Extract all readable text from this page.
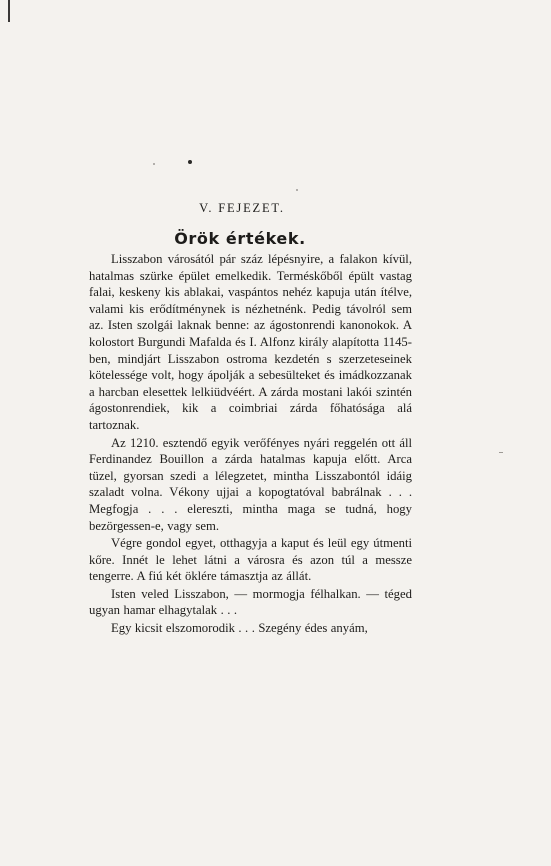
V. FEJEZET.
Örök értékek.

Lisszabon városától pár száz lépésnyire, a falakon kívül, hatalmas szürke épület emelkedik. Terméskőből épült vastag falai, keskeny kis ablakai, vaspántos nehéz kapuja után ítélve, valami kis erődítménynek is nézhetnénk. Pedig távolról sem az. Isten szolgái laknak benne: az ágostonrendi kanonokok. A kolostort Burgundi Mafalda és I. Alfonz király alapította 1145-ben, mindjárt Lisszabon ostroma kezdetén s szerzeteseinek kötelessége volt, hogy ápolják a sebesülteket és imádkozzanak a harcban elesettek lelkiüdvéért. A zárda mostani lakói szintén ágostonrendiek, kik a coimbriai zárda főhatósága alá tartoznak.

Az 1210. esztendő egyik verőfényes nyári reggelén ott áll Ferdinandez Bouillon a zárda hatalmas kapuja előtt. Arca tüzel, gyorsan szedi a lélegzetet, mintha Lisszabontól idáig szaladt volna. Vékony ujjai a kopogtatóval babrálnak . . . Megfogja . . . elereszti, mintha maga se tudná, hogy bezörgessen-e, vagy sem.

Végre gondol egyet, otthagyja a kaput és leül egy útmenti kőre. Innét le lehet látni a városra és azon túl a messze tengerre. A fiú két öklére támasztja az állát.

Isten veled Lisszabon, — mormogja félhalkan. — téged ugyan hamar elhagytalak . . .

Egy kicsit elszomorodik . . . Szegény édes anyám,
